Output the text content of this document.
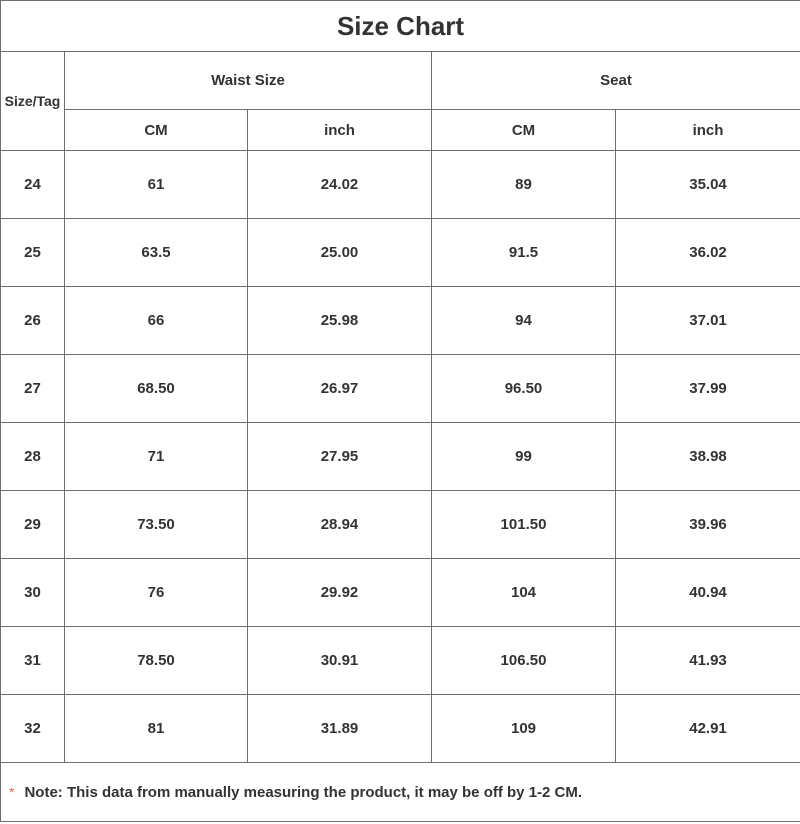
Size Chart				
Size/Tag	Waist Size		Seat	
	CM	inch	CM	inch
24	61	24.02	89	35.04
25	63.5	25.00	91.5	36.02
26	66	25.98	94	37.01
27	68.50	26.97	96.50	37.99
28	71	27.95	99	38.98
29	73.50	28.94	101.50	39.96
30	76	29.92	104	40.94
31	78.50	30.91	106.50	41.93
32	81	31.89	109	42.91
* Note: This data from manually measuring the product, it may be off by 1-2 CM.				
